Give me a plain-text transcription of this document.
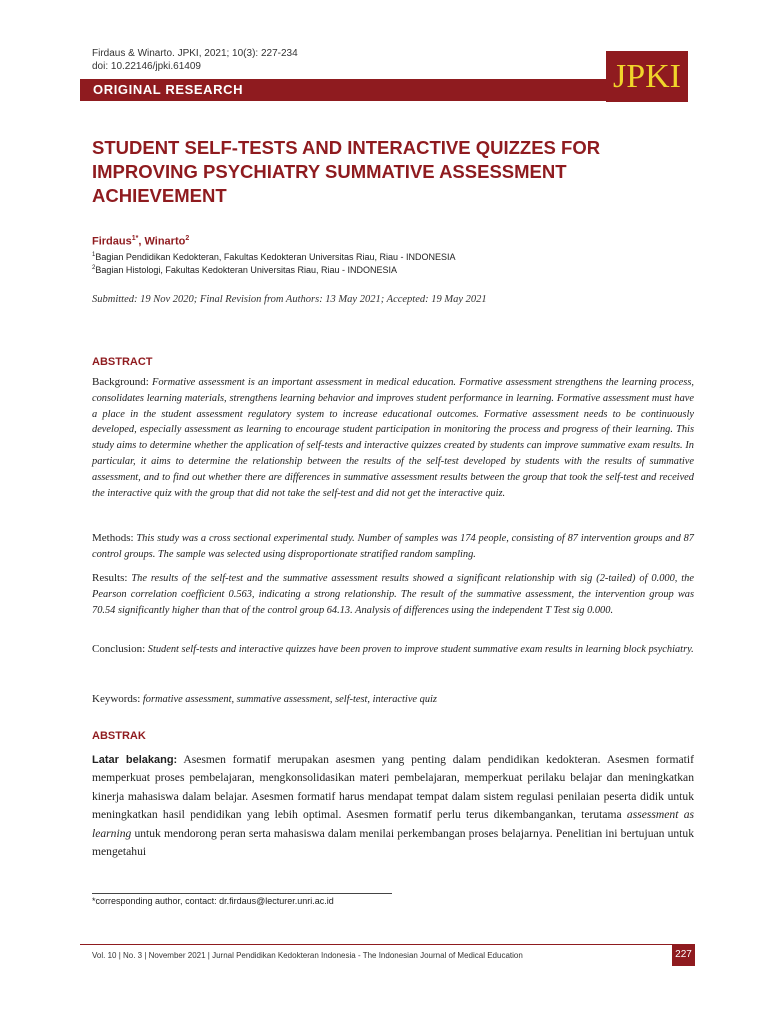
Firdaus & Winarto. JPKI, 2021; 10(3): 227-234
doi: 10.22146/jpki.61409
ORIGINAL RESEARCH	JPKI
STUDENT SELF-TESTS AND INTERACTIVE QUIZZES FOR
IMPROVING PSYCHIATRY SUMMATIVE ASSESSMENT
ACHIEVEMENT
Firdaus$^{1*}$, Winarto$^2$
$^1$Bagian Pendidikan Kedokteran, Fakultas Kedokteran Universitas Riau, Riau - INDONESIA
$^2$Bagian Histologi, Fakultas Kedokteran Universitas Riau, Riau - INDONESIA
Submitted: 19 Nov 2020; Final Revision from Authors: 13 May 2021; Accepted: 19 May 2021
ABSTRACT
Background: Formative assessment is an important assessment in medical education. Formative assessment strengthens the learning process, consolidates learning materials, strengthens learning behavior and improves student performance in learning. Formative assessment must have a place in the student assessment regulatory system to increase educational outcomes. Formative assessment needs to be continuously developed, especially assessment as learning to encourage student participation in monitoring the process and progress of their learning. This study aims to determine whether the application of self-tests and interactive quizzes created by students can improve summative exam results. In particular, it aims to determine the relationship between the results of the self-test developed by students with the results of summative assessment, and to find out whether there are differences in summative assessment results between the group that took the self-test and received the interactive quiz with the group that did not take the self-test and did not get the interactive quiz.
Methods: This study was a cross sectional experimental study. Number of samples was 174 people, consisting of 87 intervention groups and 87 control groups. The sample was selected using disproportionate stratified random sampling.
Results: The results of the self-test and the summative assessment results showed a significant relationship with sig (2-tailed) of 0.000, the Pearson correlation coefficient 0.563, indicating a strong relationship. The result of the summative assessment, the intervention group was 70.54 significantly higher than that of the control group 64.13. Analysis of differences using the independent T Test sig 0.000.
Conclusion: Student self-tests and interactive quizzes have been proven to improve student summative exam results in learning block psychiatry.
Keywords: formative assessment, summative assessment, self-test, interactive quiz
ABSTRAK
Latar belakang: Asesmen formatif merupakan asesmen yang penting dalam pendidikan kedokteran. Asesmen formatif memperkuat proses pembelajaran, mengkonsolidasikan materi pembelajaran, memperkuat perilaku belajar dan meningkatkan kinerja mahasiswa dalam belajar. Asesmen formatif harus mendapat tempat dalam sistem regulasi penilaian peserta didik untuk meningkatkan hasil pendidikan yang lebih optimal. Asesmen formatif perlu terus dikembangankan, terutama assessment as learning untuk mendorong peran serta mahasiswa dalam menilai perkembangan proses belajarnya. Penelitian ini bertujuan untuk mengetahui
*corresponding author, contact: dr.firdaus@lecturer.unri.ac.id
Vol. 10 | No. 3 | November 2021 | Jurnal Pendidikan Kedokteran Indonesia - The Indonesian Journal of Medical Education	227
